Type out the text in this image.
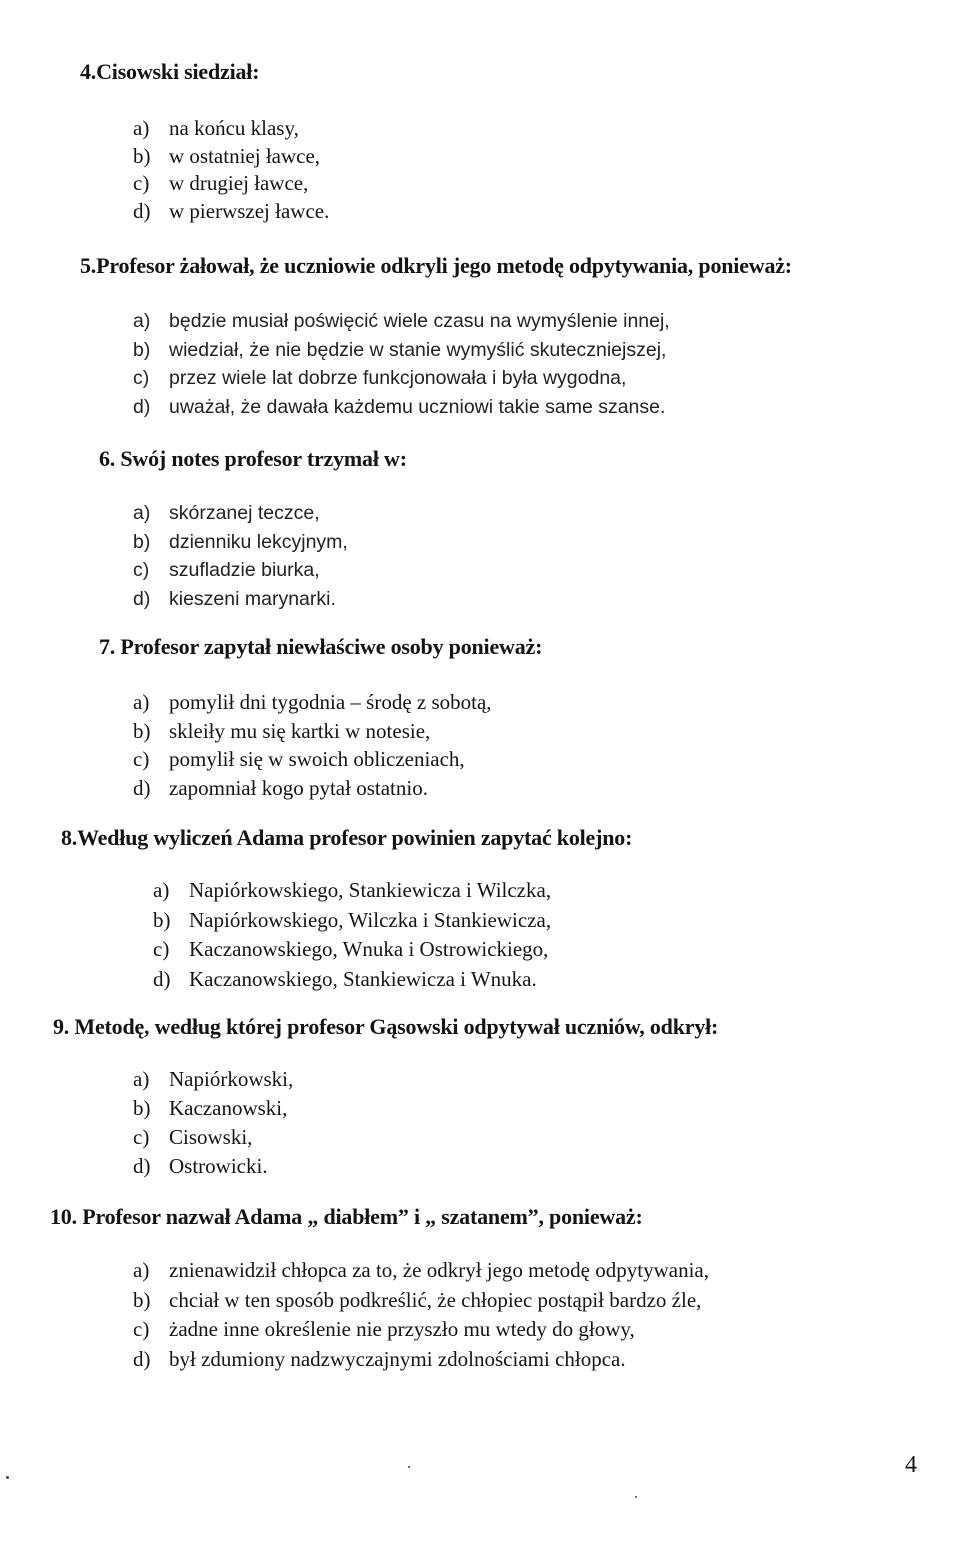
4.Cisowski siedział:
a) na końcu klasy,
b) w ostatniej ławce,
c) w drugiej ławce,
d) w pierwszej ławce.
5.Profesor żałował, że uczniowie odkryli jego metodę odpytywania, ponieważ:
a) będzie musiał poświęcić wiele czasu na wymyślenie innej,
b) wiedział, że nie będzie w stanie wymyślić skuteczniejszej,
c)	przez wiele lat dobrze funkcjonowała i była wygodna,
d) uważał, że dawała każdemu uczniowi takie same szanse.
6. Swój notes profesor trzymał w:
a) skórzanej teczce,
b) dzienniku lekcyjnym,
c)	szufladzie biurka,
d) kieszeni marynarki.
7. Profesor zapytał niewłaściwe osoby ponieważ:
a) pomylił dni tygodnia – środę z sobotą,
b) skleiły mu się kartki w notesie,
c) pomylił się w swoich obliczeniach,
d) zapomniał kogo pytał ostatnio.
8.Według wyliczeń Adama profesor powinien zapytać kolejno:
a) Napiórkowskiego, Stankiewicza i Wilczka,
b) Napiórkowskiego, Wilczka i Stankiewicza,
c) Kaczanowskiego, Wnuka i Ostrowickiego,
d) Kaczanowskiego, Stankiewicza i Wnuka.
9. Metodę, według której profesor Gąsowski odpytywał uczniów, odkrył:
a) Napiórkowski,
b) Kaczanowski,
c) Cisowski,
d) Ostrowicki.
10. Profesor nazwał Adama „ diabłem” i „ szatanem”, ponieważ:
a) znienawidził chłopca za to, że odkrył jego metodę odpytywania,
b) chciał w ten sposób podkreślić, że chłopiec postąpił bardzo źle,
c) żadne inne określenie nie przyszło mu wtedy do głowy,
d) był zdumiony nadzwyczajnymi zdolnościami chłopca.
4
